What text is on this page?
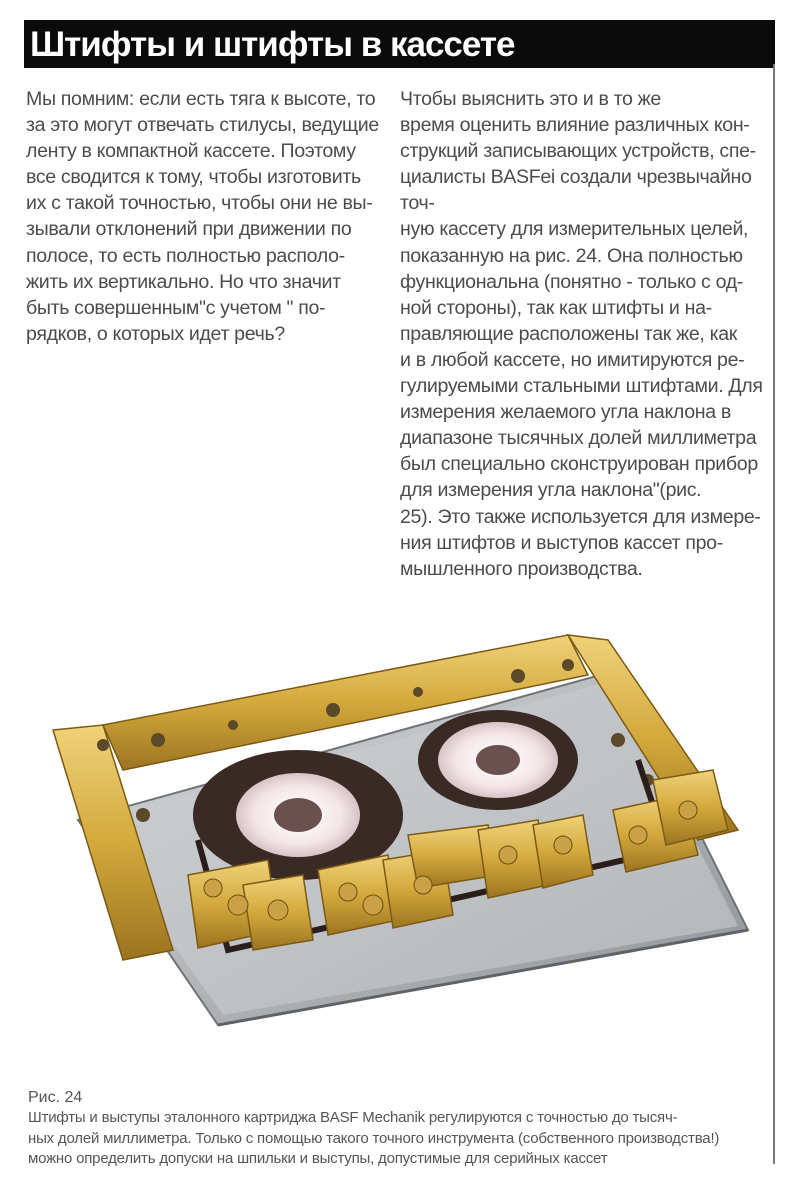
Штифты и штифты в кассете
Мы помним: если есть тяга к высоте, то
за это могут отвечать стилусы, ведущие
ленту в компактной кассете. Поэтому
все сводится к тому, чтобы изготовить
их с такой точностью, чтобы они не вы-
зывали отклонений при движении по
полосе, то есть полностью располо-
жить их вертикально. Но что значит
быть совершенным"с учетом " по-
рядков, о которых идет речь?
Чтобы выяснить это и в то же
время оценить влияние различных кон-
струкций записывающих устройств, спе-
циалисты BASFei создали чрезвычайно точ-
ную кассету для измерительных целей,
показанную на рис. 24. Она полностью
функциональна (понятно - только с од-
ной стороны), так как штифты и на-
правляющие расположены так же, как
и в любой кассете, но имитируются ре-
гулируемыми стальными штифтами. Для
измерения желаемого угла наклона в
диапазоне тысячных долей миллиметра
был специально сконструирован прибор
для измерения угла наклона"(рис.
25). Это также используется для измере-
ния штифтов и выступов кассет про-
мышленного производства.
Рис. 24
Штифты и выступы эталонного картриджа BASF Mechanik регулируются с точностью до тысяч-
ных долей миллиметра. Только с помощью такого точного инструмента (собственного производства!)
можно определить допуски на шпильки и выступы, допустимые для серийных кассет
